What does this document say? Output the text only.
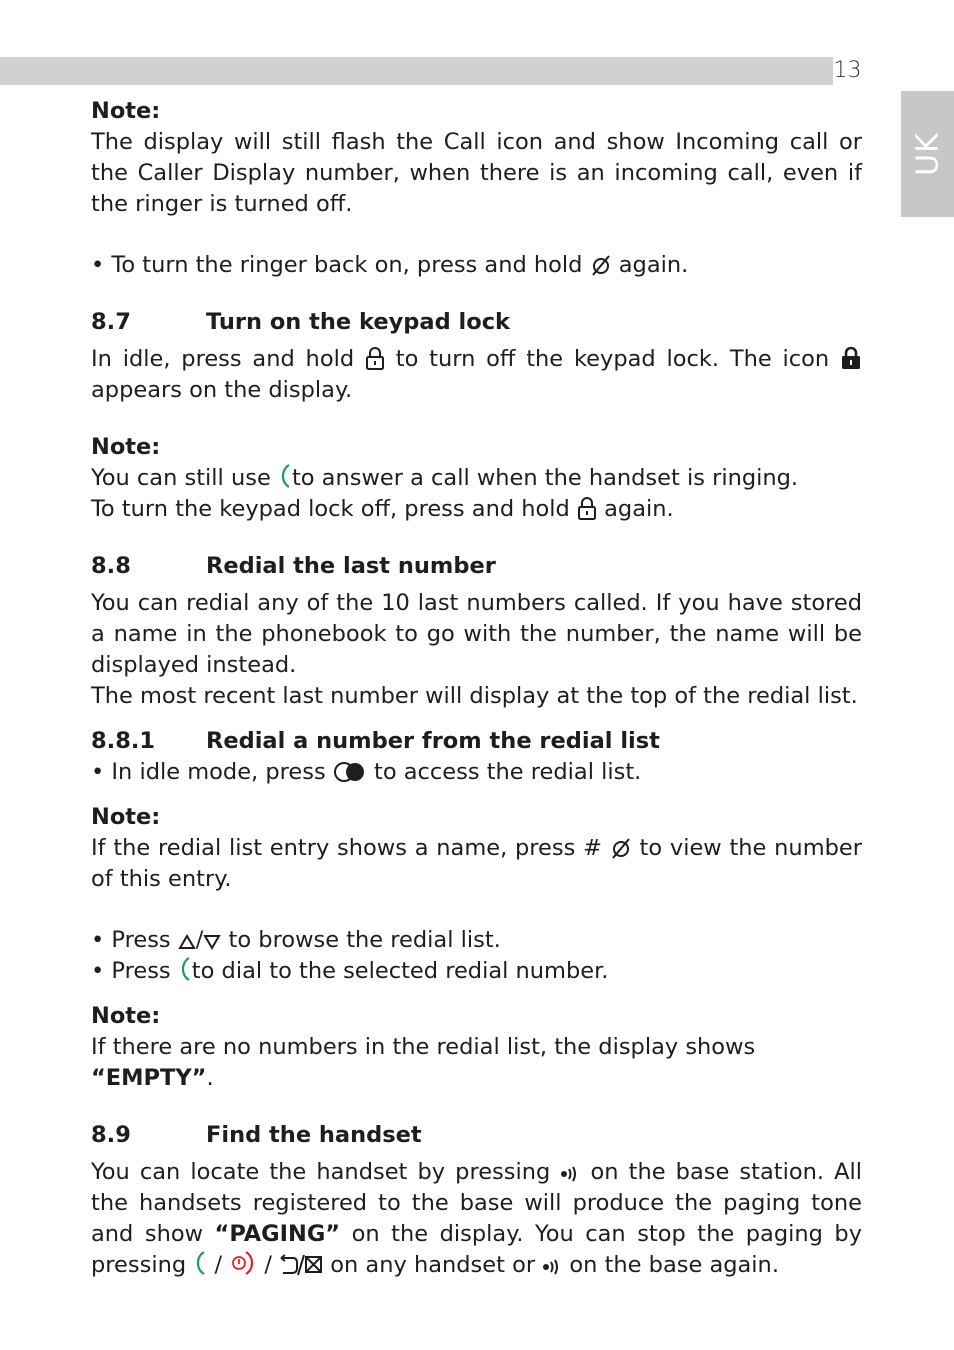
13
UK

Note:

The display will still flash the Call icon and show Incoming call or the Caller Display number, when there is an incoming call, even if the ringer is turned off.

• To turn the ringer back on, press and hold again.

8.7	Turn on the keypad lock

In idle, press and hold to turn off the keypad lock. The icon  appears on the display.

Note:

You can still use to answer a call when the handset is ringing.
To turn the keypad lock off, press and hold again.

8.8	Redial the last number

You can redial any of the 10 last numbers called. If you have stored a name in the phonebook to go with the number, the name will be displayed instead.

The most recent last number will display at the top of the redial list.

8.8.1 Redial a number from the redial list

• In idle mode, press to access the redial list.

Note:

If the redial list entry shows a name, press # to view the number of this entry.

• Press / to browse the redial list.

• Press to dial to the selected redial number.

Note:

If there are no numbers in the redial list, the display shows “EMPTY”.

8.9	Find the handset

You can locate the handset by pressing on the base station. All the handsets registered to the base will produce the paging tone and show “PAGING” on the display. You can stop the paging by pressing / /	on any handset or on the base again.
